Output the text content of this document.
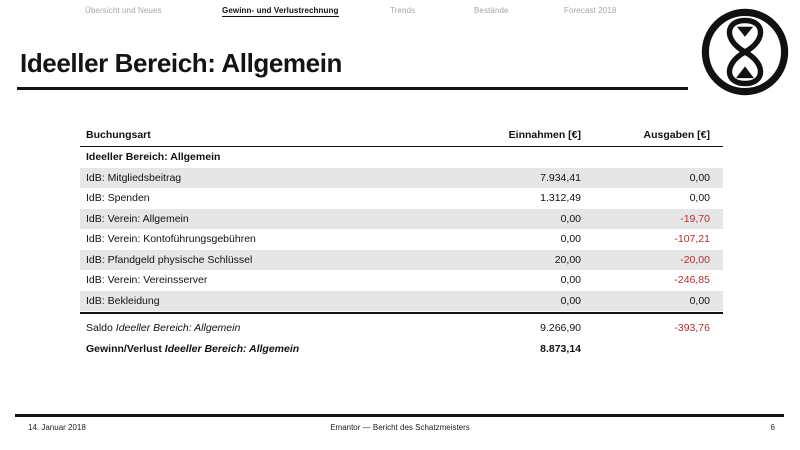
Übersicht und Neues	Gewinn- und Verlustrechnung	Trends	Bestände	Forecast 2018
Ideeller Bereich: Allgemein
Buchungsart	Einnahmen [€]	Ausgaben [€]
Ideeller Bereich: Allgemein
IdB: Mitgliedsbeitrag	7.934,41	0,00
IdB: Spenden	1.312,49	0,00
IdB: Verein: Allgemein	0,00	-19,70
IdB: Verein: Kontoführungsgebühren	0,00	-107,21
IdB: Pfandgeld physische Schlüssel	20,00	-20,00
IdB: Verein: Vereinsserver	0,00	-246,85
IdB: Bekleidung	0,00	0,00
Saldo Ideeller Bereich: Allgemein	9.266,90	-393,76
Gewinn/Verlust Ideeller Bereich: Allgemein	8.873,14
14. Januar 2018	Emantor — Bericht des Schatzmeisters	6
